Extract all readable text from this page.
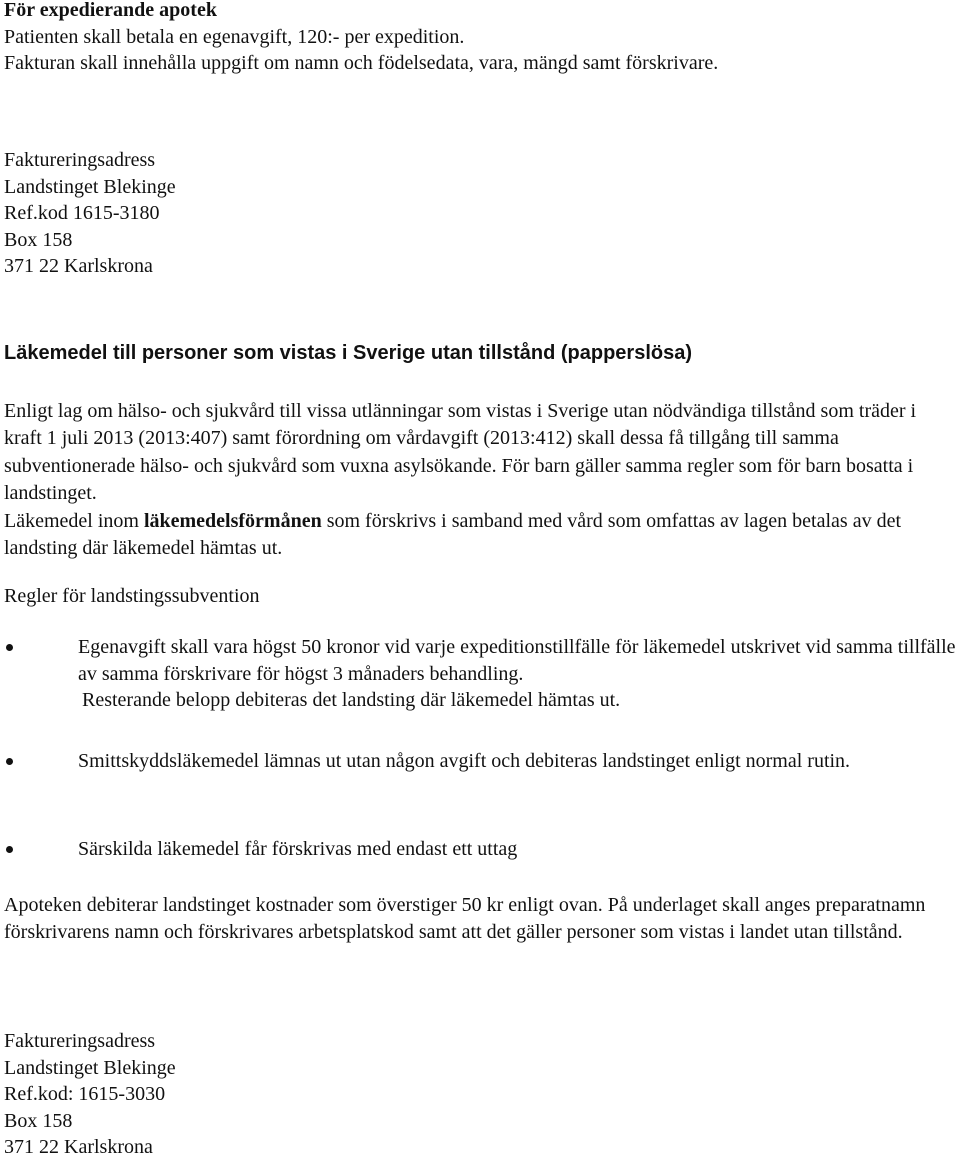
För expedierande apotek
Patienten skall betala en egenavgift, 120:- per expedition.
Fakturan skall innehålla uppgift om namn och födelsedata, vara, mängd samt förskrivare.
Faktureringsadress
Landstinget Blekinge
Ref.kod 1615-3180
Box 158
371 22 Karlskrona
Läkemedel till personer som vistas i Sverige utan tillstånd (papperslösa)
Enligt lag om hälso- och sjukvård till vissa utlänningar som vistas i Sverige utan nödvändiga tillstånd som träder i kraft 1 juli 2013 (2013:407) samt förordning om vårdavgift (2013:412) skall dessa få tillgång till samma subventionerade hälso- och sjukvård som vuxna asylsökande. För barn gäller samma regler som för barn bosatta i landstinget.
Läkemedel inom läkemedelsförmånen som förskrivs i samband med vård som omfattas av lagen betalas av det landsting där läkemedel hämtas ut.
Regler för landstingssubvention
Egenavgift skall vara högst 50 kronor vid varje expeditionstillfälle för läkemedel utskrivet vid samma tillfälle av samma förskrivare för högst 3 månaders behandling.
Resterande belopp debiteras det landsting där läkemedel hämtas ut.
Smittskyddsläkemedel lämnas ut utan någon avgift och debiteras landstinget enligt normal rutin.
Särskilda läkemedel får förskrivas med endast ett uttag
Apoteken debiterar landstinget kostnader som överstiger 50 kr enligt ovan. På underlaget skall anges preparatnamn förskrivarens namn och förskrivares arbetsplatskod samt att det gäller personer som vistas i landet utan tillstånd.
Faktureringsadress
Landstinget Blekinge
Ref.kod: 1615-3030
Box 158
371 22 Karlskrona
